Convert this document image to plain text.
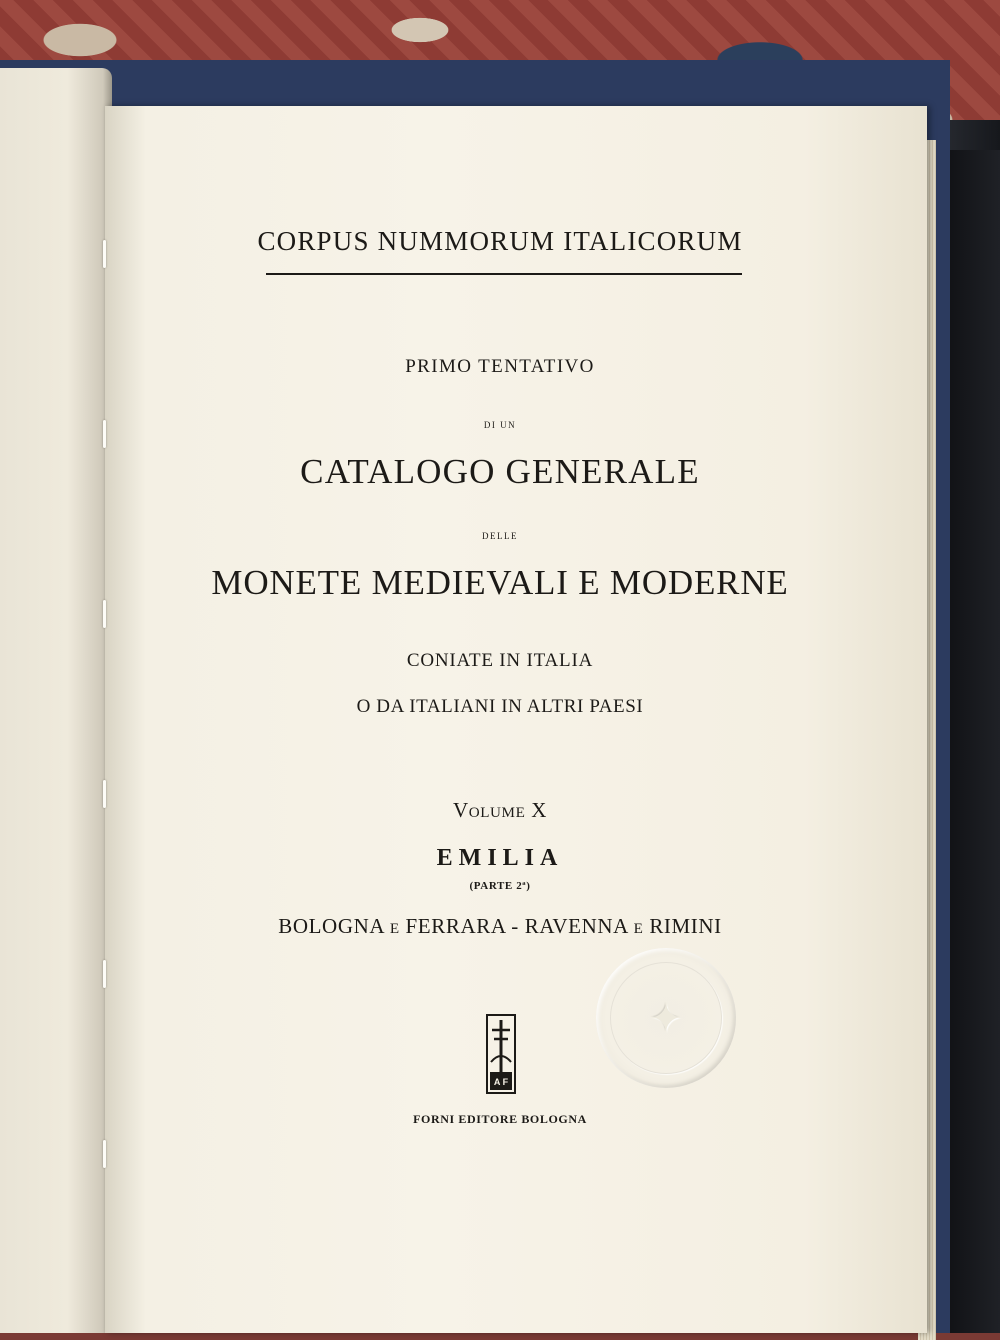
CORPUS NUMMORUM ITALICORUM
PRIMO TENTATIVO
DI UN
CATALOGO GENERALE
DELLE
MONETE MEDIEVALI E MODERNE
CONIATE IN ITALIA
O DA ITALIANI IN ALTRI PAESI
VOLUME X
EMILIA
(PARTE 2ª)
BOLOGNA E FERRARA - RAVENNA E RIMINI
A F
✦
FORNI EDITORE BOLOGNA
